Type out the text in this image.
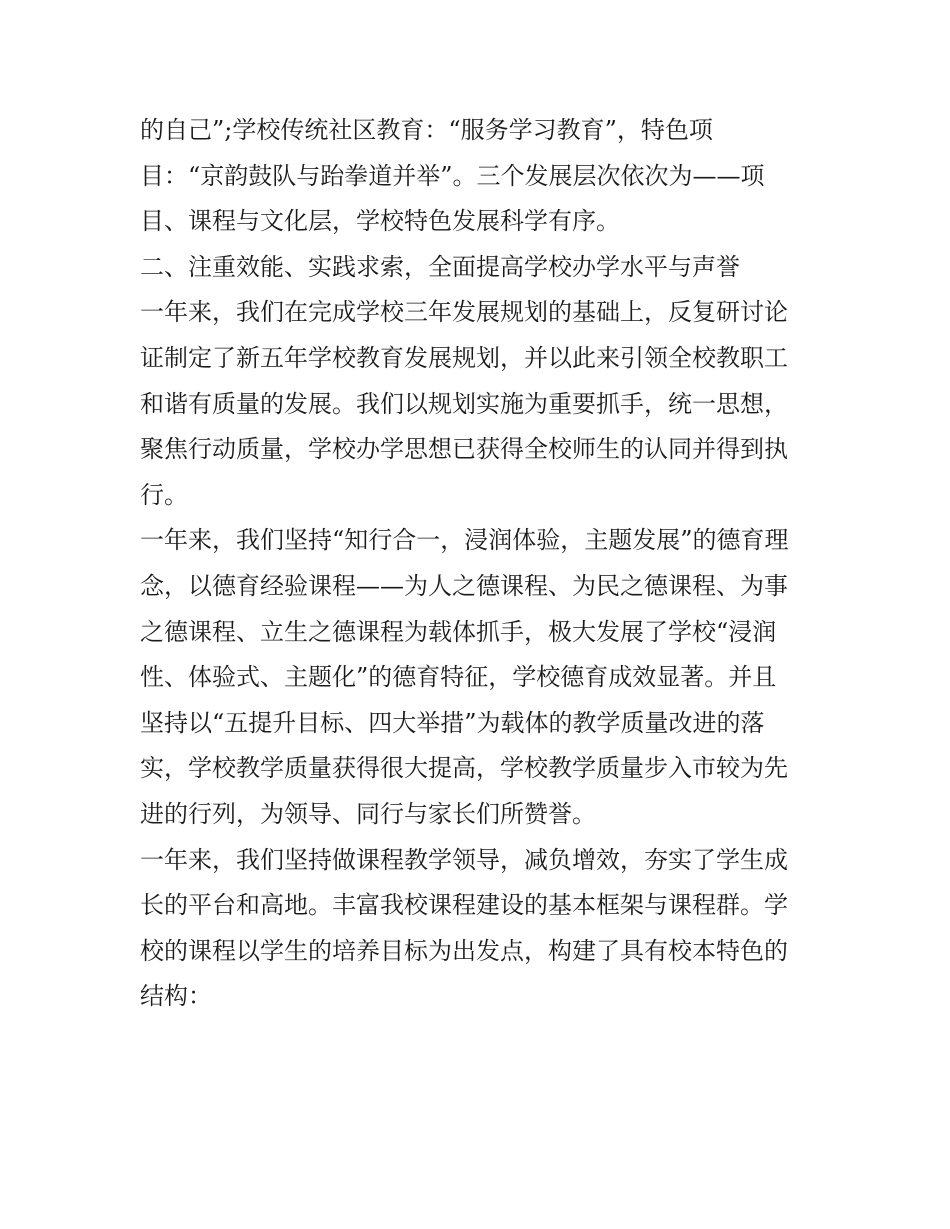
的自己”;学校传统社区教育：“服务学习教育”，特色项
目：“京韵鼓队与跆拳道并举”。三个发展层次依次为——项
目、课程与文化层，学校特色发展科学有序。
二、注重效能、实践求索，全面提高学校办学水平与声誉
一年来，我们在完成学校三年发展规划的基础上，反复研讨论
证制定了新五年学校教育发展规划，并以此来引领全校教职工
和谐有质量的发展。我们以规划实施为重要抓手，统一思想，
聚焦行动质量，学校办学思想已获得全校师生的认同并得到执
行。
一年来，我们坚持“知行合一，浸润体验，主题发展”的德育理
念，以德育经验课程——为人之德课程、为民之德课程、为事
之德课程、立生之德课程为载体抓手，极大发展了学校“浸润
性、体验式、主题化”的德育特征，学校德育成效显著。并且
坚持以“五提升目标、四大举措”为载体的教学质量改进的落
实，学校教学质量获得很大提高，学校教学质量步入市较为先
进的行列，为领导、同行与家长们所赞誉。
一年来，我们坚持做课程教学领导，减负增效，夯实了学生成
长的平台和高地。丰富我校课程建设的基本框架与课程群。学
校的课程以学生的培养目标为出发点，构建了具有校本特色的
结构：
